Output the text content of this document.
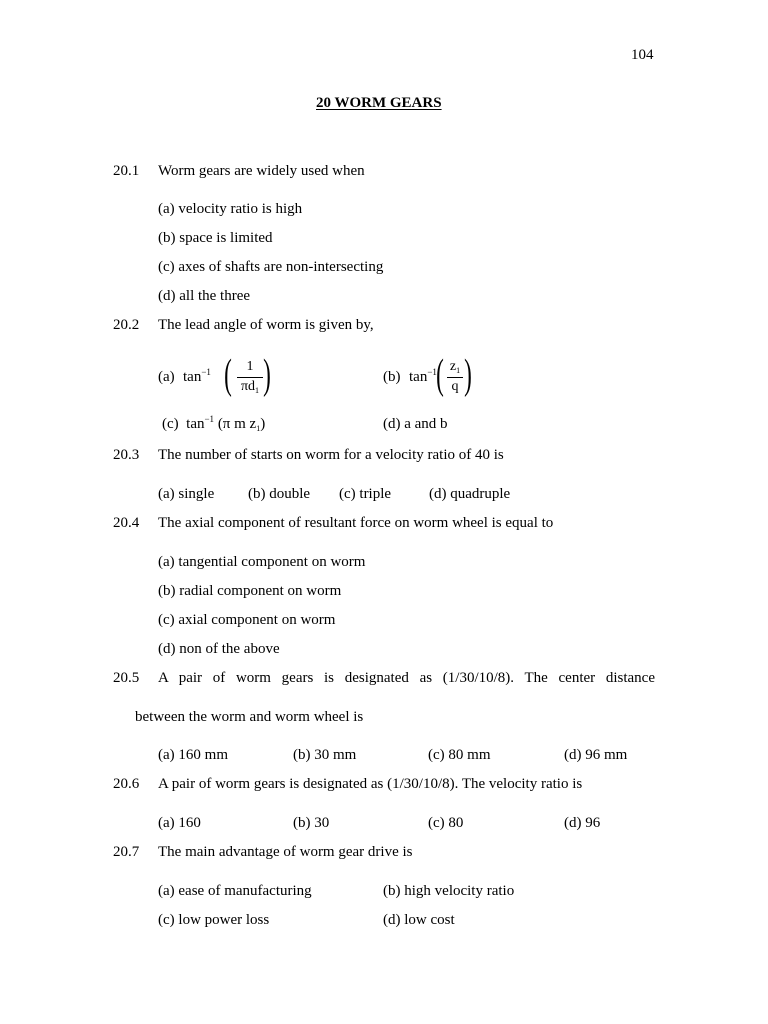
104
20 WORM GEARS
20.1 Worm gears are widely used when
(a) velocity ratio is high
(b) space is limited
(c) axes of shafts are non-intersecting
(d) all the three
20.2 The lead angle of worm is given by,
(a) $\tan^{-1}$ ( 1
$\pi d_1$ )	(b) $\tan^{-1}$ ( $z_1$
q )
(c) $\tan^{-1} (\pi$ m $z_1$)	(d) a and b
20.3 The number of starts on worm for a velocity ratio of 40 is
(a) single (b) double (c) triple	(d) quadruple
20.4 The axial component of resultant force on worm wheel is equal to
(a) tangential component on worm
(b) radial component on worm
(c) axial component on worm
(d) non of the above
20.5 A pair of worm gears is designated as (1/30/10/8). The center distance
between the worm and worm wheel is
(a) 160 mm	(b) 30 mm	(c) 80 mm	(d) 96 mm
20.6 A pair of worm gears is designated as (1/30/10/8). The velocity ratio is
(a) 160	(b) 30	(c) 80	(d) 96
20.7 The main advantage of worm gear drive is
(a) ease of manufacturing	(b) high velocity ratio
(c) low power loss	(d) low cost
